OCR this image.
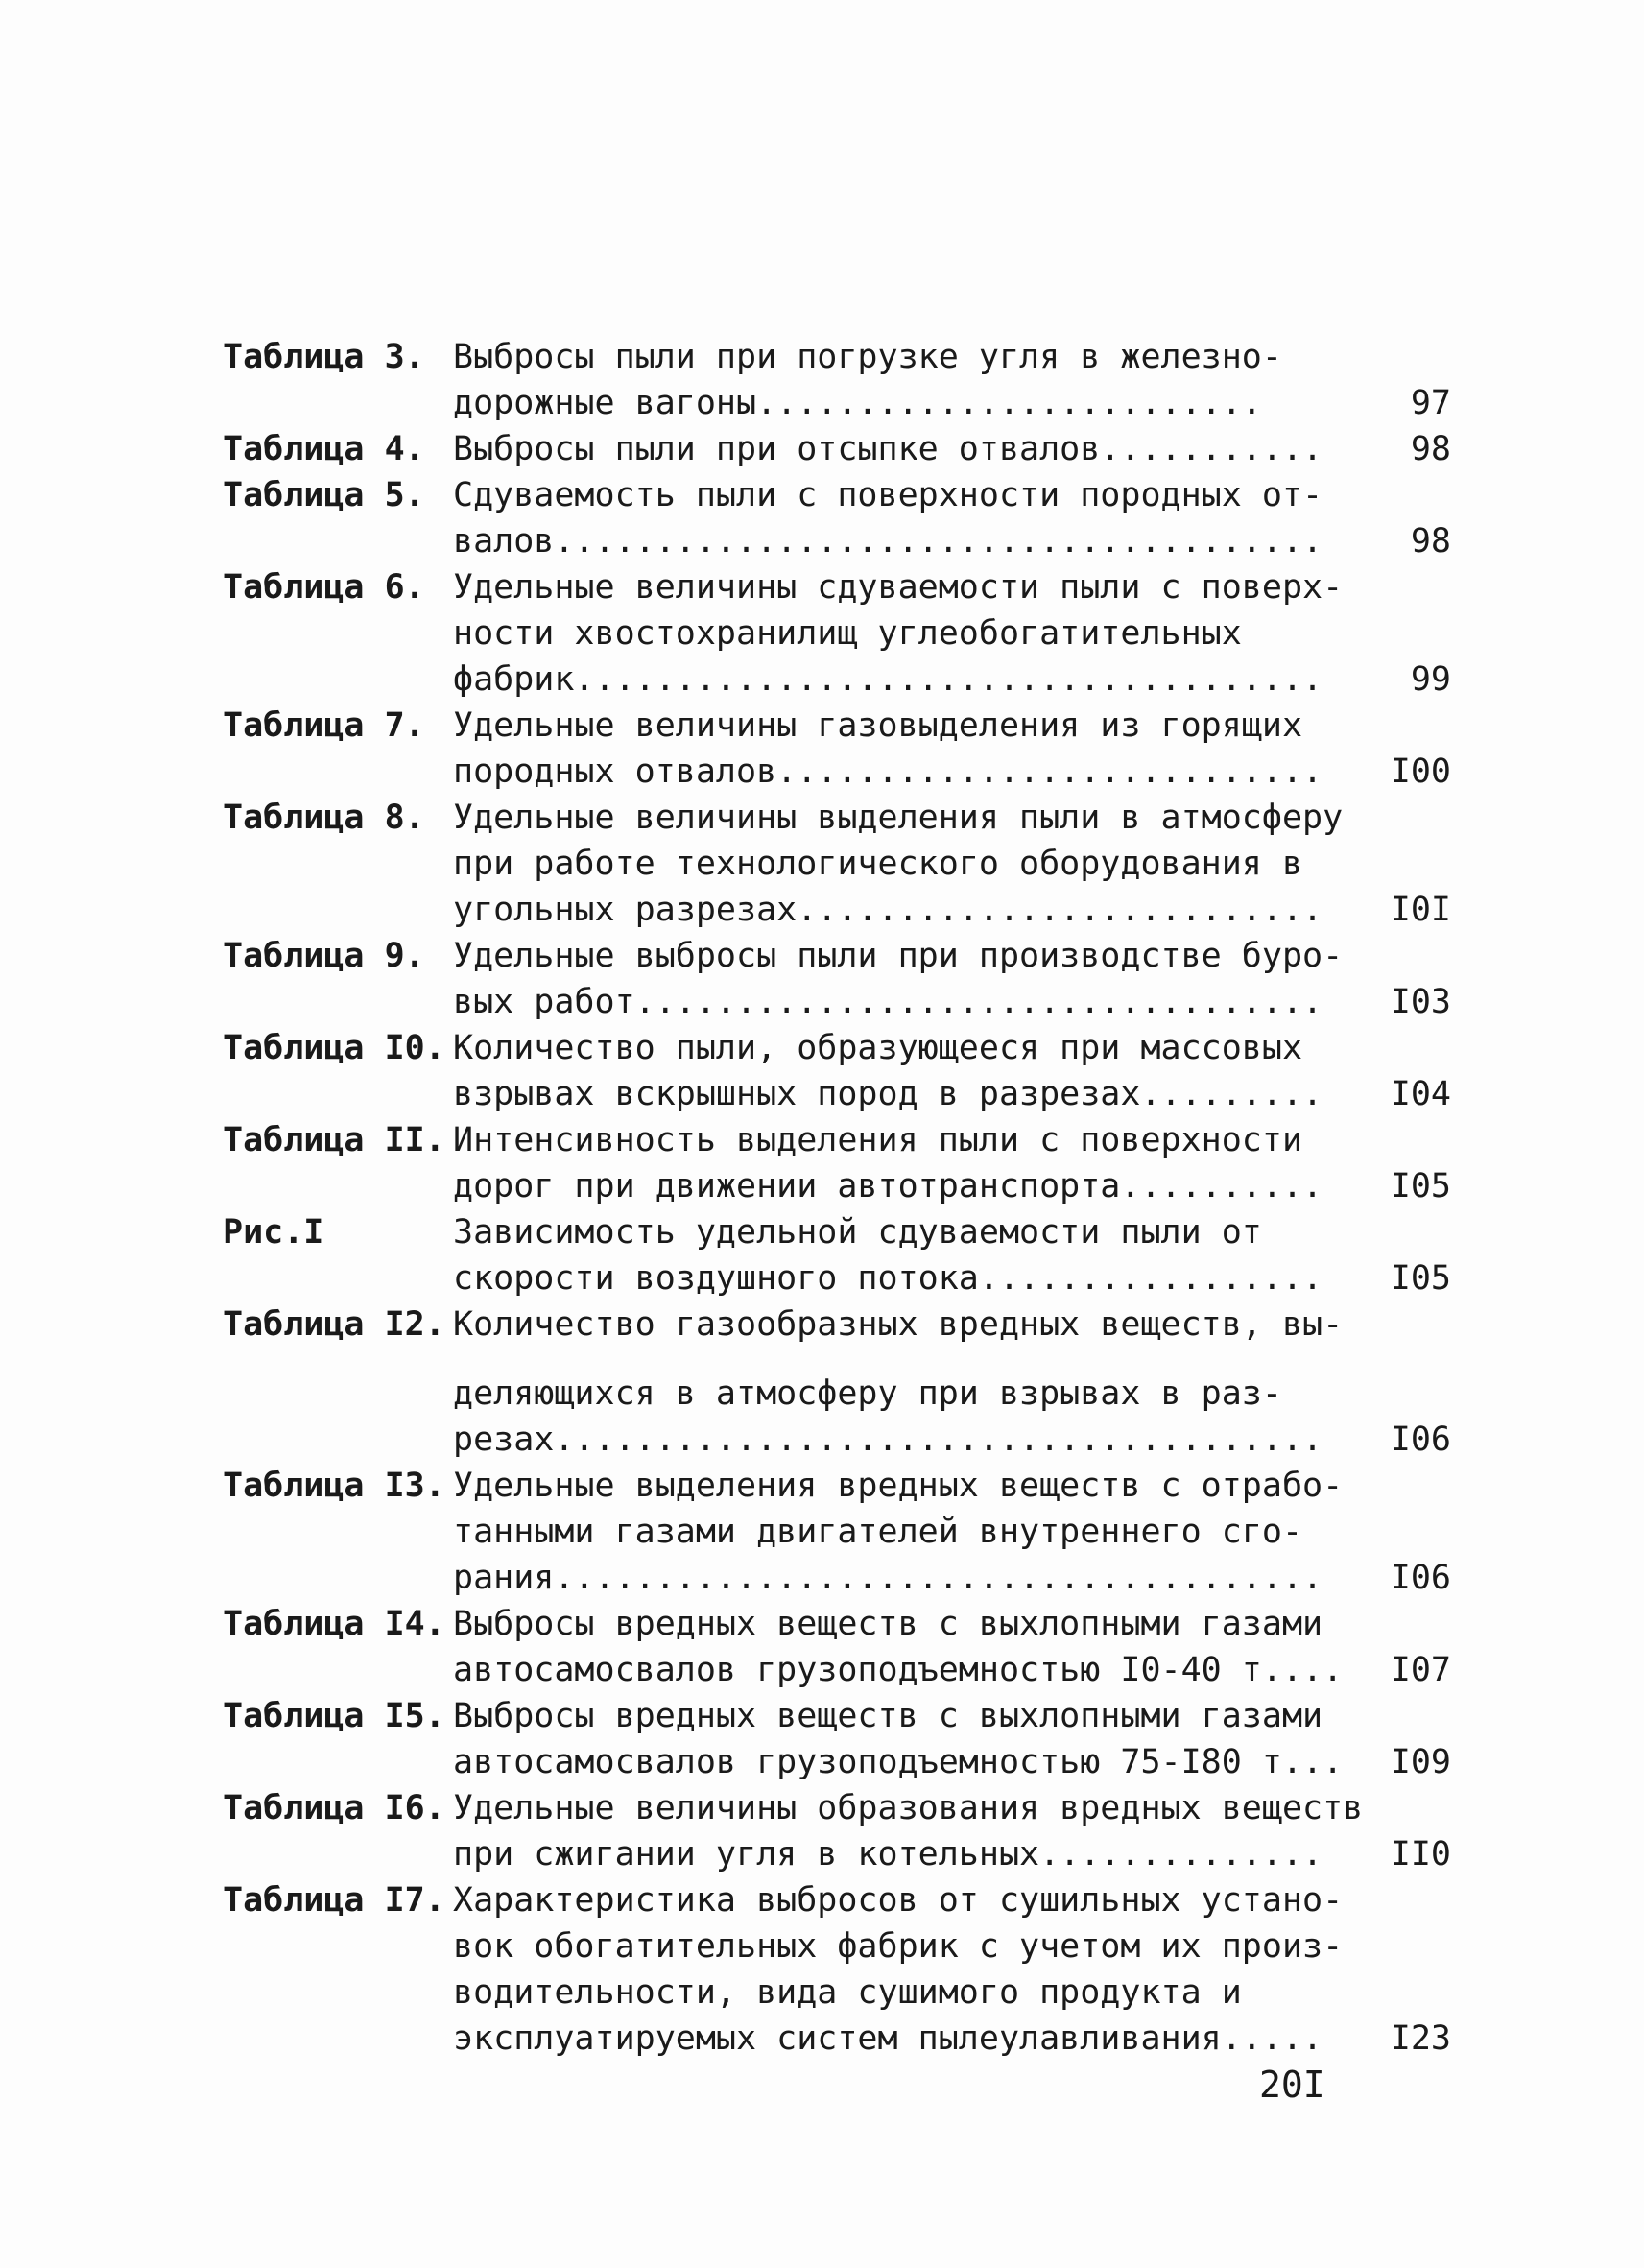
Таблица 3. Выбросы пыли при погрузке угля в железно-
дорожные вагоны.........................	97
Таблица 4. Выбросы пыли при отсыпке отвалов...........	98
Таблица 5. Сдуваемость пыли с поверхности породных от-
валов......................................	98
Таблица 6. Удельные величины сдуваемости пыли с поверх-
ности хвостохранилищ углеобогатительных
фабрик.....................................	99
Таблица 7. Удельные величины газовыделения из горящих
породных отвалов...........................	I00
Таблица 8. Удельные величины выделения пыли в атмосферу
при работе технологического оборудования в
угольных разрезах..........................	I0I
Таблица 9. Удельные выбросы пыли при производстве буро-
вых работ..................................	I03
Таблица I0. Количество пыли, образующееся при массовых
взрывах вскрышных пород в разрезах.........	I04
Таблица II. Интенсивность выделения пыли с поверхности
дорог при движении автотранспорта..........	I05
Рис.I	Зависимость удельной сдуваемости пыли от
скорости воздушного потока.................	I05
Таблица I2. Количество газообразных вредных веществ, вы-
деляющихся в атмосферу при взрывах в раз-
резах......................................	I06
Таблица I3. Удельные выделения вредных веществ с отрабо-
танными газами двигателей внутреннего сго-
рания......................................	I06
Таблица I4. Выбросы вредных веществ с выхлопными газами
автосамосвалов грузоподъемностью I0-40 т....	I07
Таблица I5. Выбросы вредных веществ с выхлопными газами
автосамосвалов грузоподъемностью 75-I80 т...	I09
Таблица I6. Удельные величины образования вредных веществ
при сжигании угля в котельных..............	II0
Таблица I7. Характеристика выбросов от сушильных устано-
вок обогатительных фабрик с учетом их произ-
водительности, вида сушимого продукта и
эксплуатируемых систем пылеулавливания.....	I23
20I
